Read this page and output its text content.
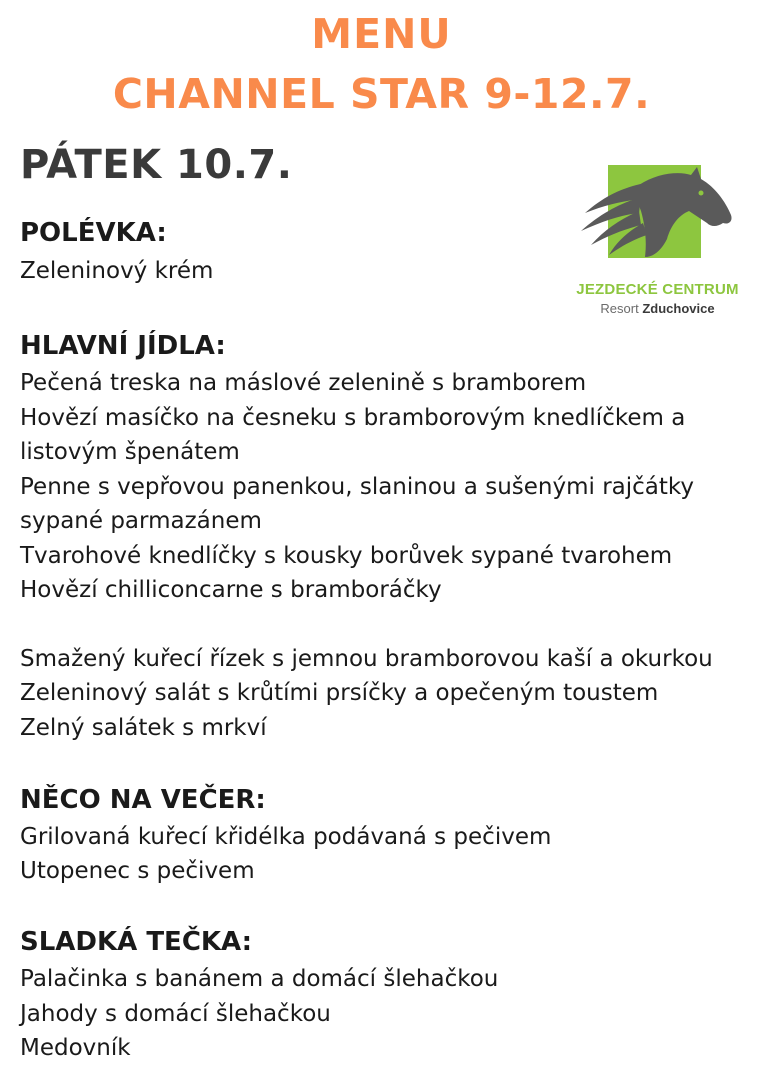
MENU
CHANNEL STAR 9-12.7.
PÁTEK 10.7.
JEZDECKÉ CENTRUM
Resort Zduchovice
POLÉVKA:
Zeleninový krém
HLAVNÍ JÍDLA:
Pečená treska na máslové zelenině s bramborem
Hovězí masíčko na česneku s bramborovým knedlíčkem a
listovým špenátem
Penne s vepřovou panenkou, slaninou a sušenými rajčátky
sypané parmazánem
Tvarohové knedlíčky s kousky borůvek sypané tvarohem
Hovězí chilliconcarne s bramboráčky
Smažený kuřecí řízek s jemnou bramborovou kaší a okurkou
Zeleninový salát s krůtími prsíčky a opečeným toustem
Zelný salátek s mrkví
NĚCO NA VEČER:
Grilovaná kuřecí křidélka podávaná s pečivem
Utopenec s pečivem
SLADKÁ TEČKA:
Palačinka s banánem a domácí šlehačkou
Jahody s domácí šlehačkou
Medovník
